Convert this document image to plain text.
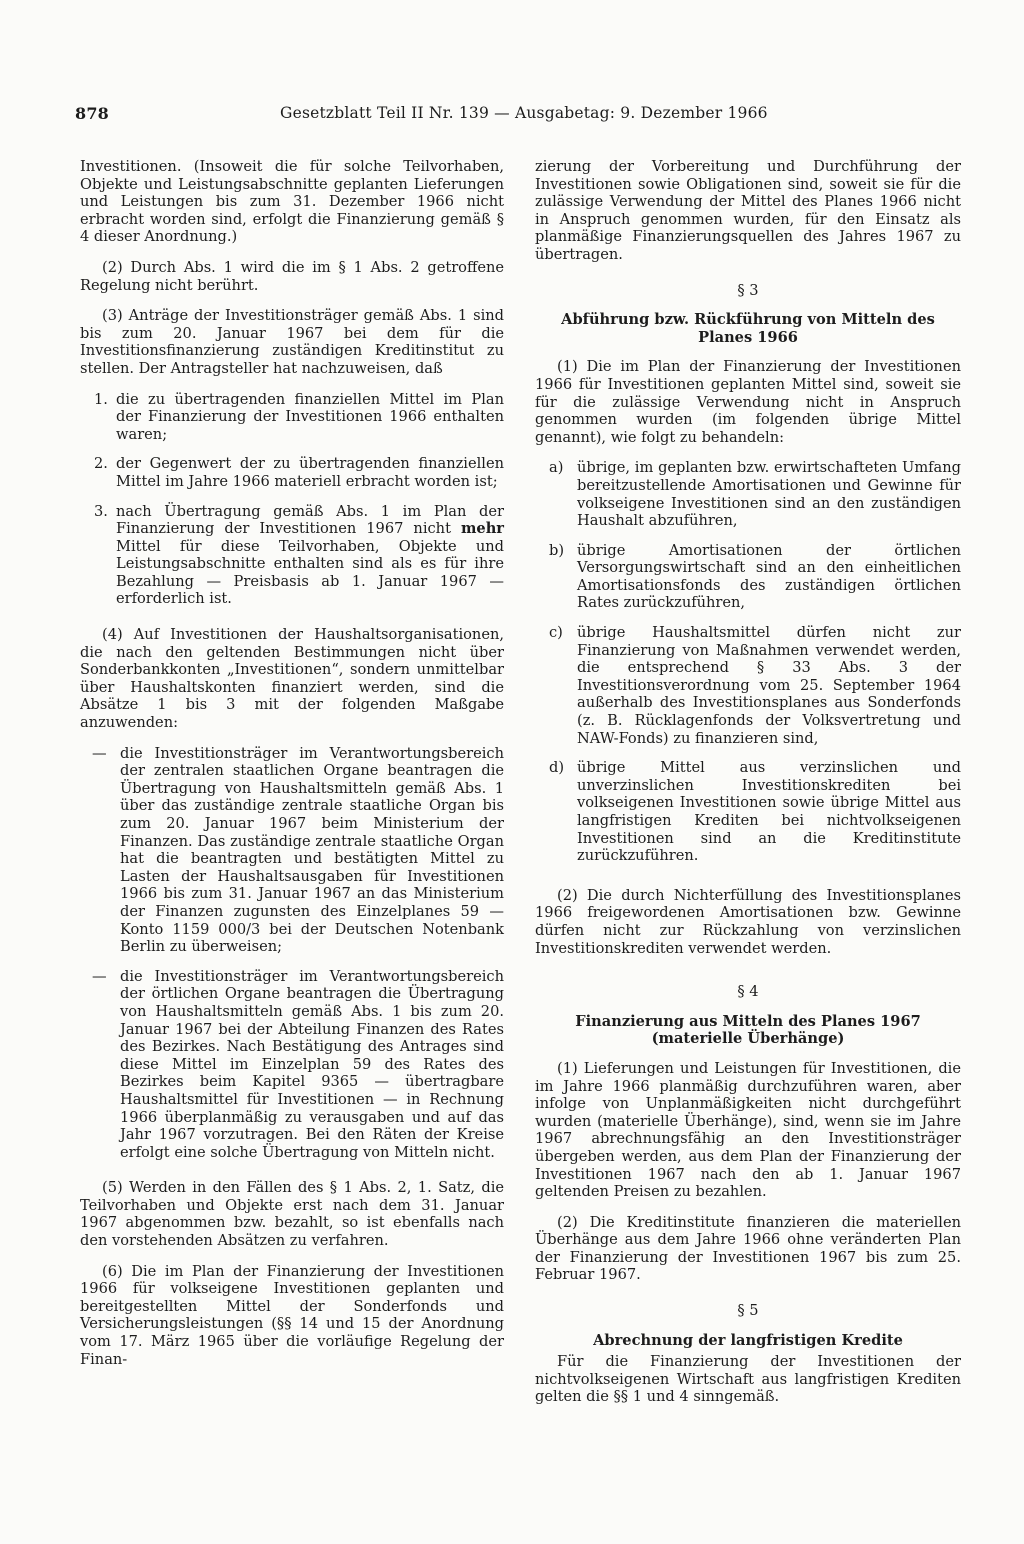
878	Gesetzblatt Teil II Nr. 139 — Ausgabetag: 9. Dezember 1966

Investitionen. (Insoweit die für solche Teilvorhaben, Objekte und Leistungsabschnitte geplanten Lieferungen und Leistungen bis zum 31. Dezember 1966 nicht erbracht worden sind, erfolgt die Finanzierung gemäß § 4 dieser Anordnung.)

(2) Durch Abs. 1 wird die im § 1 Abs. 2 getroffene Regelung nicht berührt.

(3) Anträge der Investitionsträger gemäß Abs. 1 sind bis zum 20. Januar 1967 bei dem für die Investitionsfinanzierung zuständigen Kreditinstitut zu stellen. Der Antragsteller hat nachzuweisen, daß

1. die zu übertragenden finanziellen Mittel im Plan der Finanzierung der Investitionen 1966 enthalten waren;
2. der Gegenwert der zu übertragenden finanziellen Mittel im Jahre 1966 materiell erbracht worden ist;
3. nach Übertragung gemäß Abs. 1 im Plan der Finanzierung der Investitionen 1967 nicht mehr Mittel für diese Teilvorhaben, Objekte und Leistungsabschnitte enthalten sind als es für ihre Bezahlung — Preisbasis ab 1. Januar 1967 — erforderlich ist.

(4) Auf Investitionen der Haushaltsorganisationen, die nach den geltenden Bestimmungen nicht über Sonderbankkonten „Investitionen“, sondern unmittelbar über Haushaltskonten finanziert werden, sind die Absätze 1 bis 3 mit der folgenden Maßgabe anzuwenden:

— die Investitionsträger im Verantwortungsbereich der zentralen staatlichen Organe beantragen die Übertragung von Haushaltsmitteln gemäß Abs. 1 über das zuständige zentrale staatliche Organ bis zum 20. Januar 1967 beim Ministerium der Finanzen. Das zuständige zentrale staatliche Organ hat die beantragten und bestätigten Mittel zu Lasten der Haushaltsausgaben für Investitionen 1966 bis zum 31. Januar 1967 an das Ministerium der Finanzen zugunsten des Einzelplanes 59 — Konto 1159 000/3 bei der Deutschen Notenbank Berlin zu überweisen;
— die Investitionsträger im Verantwortungsbereich der örtlichen Organe beantragen die Übertragung von Haushaltsmitteln gemäß Abs. 1 bis zum 20. Januar 1967 bei der Abteilung Finanzen des Rates des Bezirkes. Nach Bestätigung des Antrages sind diese Mittel im Einzelplan 59 des Rates des Bezirkes beim Kapitel 9365 — übertragbare Haushaltsmittel für Investitionen — in Rechnung 1966 überplanmäßig zu verausgaben und auf das Jahr 1967 vorzutragen. Bei den Räten der Kreise erfolgt eine solche Übertragung von Mitteln nicht.

(5) Werden in den Fällen des § 1 Abs. 2, 1. Satz, die Teilvorhaben und Objekte erst nach dem 31. Januar 1967 abgenommen bzw. bezahlt, so ist ebenfalls nach den vorstehenden Absätzen zu verfahren.

(6) Die im Plan der Finanzierung der Investitionen 1966 für volkseigene Investitionen geplanten und bereitgestellten Mittel der Sonderfonds und Versicherungsleistungen (§§ 14 und 15 der Anordnung vom 17. März 1965 über die vorläufige Regelung der Finan-

zierung der Vorbereitung und Durchführung der Investitionen sowie Obligationen sind, soweit sie für die zulässige Verwendung der Mittel des Planes 1966 nicht in Anspruch genommen wurden, für den Einsatz als planmäßige Finanzierungsquellen des Jahres 1967 zu übertragen.

§ 3
Abführung bzw. Rückführung von Mitteln des Planes 1966

(1) Die im Plan der Finanzierung der Investitionen 1966 für Investitionen geplanten Mittel sind, soweit sie für die zulässige Verwendung nicht in Anspruch genommen wurden (im folgenden übrige Mittel genannt), wie folgt zu behandeln:

a) übrige, im geplanten bzw. erwirtschafteten Umfang bereitzustellende Amortisationen und Gewinne für volkseigene Investitionen sind an den zuständigen Haushalt abzuführen,
b) übrige Amortisationen der örtlichen Versorgungswirtschaft sind an den einheitlichen Amortisationsfonds des zuständigen örtlichen Rates zurückzuführen,
c) übrige Haushaltsmittel dürfen nicht zur Finanzierung von Maßnahmen verwendet werden, die entsprechend § 33 Abs. 3 der Investitionsverordnung vom 25. September 1964 außerhalb des Investitionsplanes aus Sonderfonds (z. B. Rücklagenfonds der Volksvertretung und NAW-Fonds) zu finanzieren sind,
d) übrige Mittel aus verzinslichen und unverzinslichen Investitionskrediten bei volkseigenen Investitionen sowie übrige Mittel aus langfristigen Krediten bei nichtvolkseigenen Investitionen sind an die Kreditinstitute zurückzuführen.

(2) Die durch Nichterfüllung des Investitionsplanes 1966 freigewordenen Amortisationen bzw. Gewinne dürfen nicht zur Rückzahlung von verzinslichen Investitionskrediten verwendet werden.

§ 4
Finanzierung aus Mitteln des Planes 1967 (materielle Überhänge)

(1) Lieferungen und Leistungen für Investitionen, die im Jahre 1966 planmäßig durchzuführen waren, aber infolge von Unplanmäßigkeiten nicht durchgeführt wurden (materielle Überhänge), sind, wenn sie im Jahre 1967 abrechnungsfähig an den Investitionsträger übergeben werden, aus dem Plan der Finanzierung der Investitionen 1967 nach den ab 1. Januar 1967 geltenden Preisen zu bezahlen.

(2) Die Kreditinstitute finanzieren die materiellen Überhänge aus dem Jahre 1966 ohne veränderten Plan der Finanzierung der Investitionen 1967 bis zum 25. Februar 1967.

§ 5
Abrechnung der langfristigen Kredite

Für die Finanzierung der Investitionen der nichtvolkseigenen Wirtschaft aus langfristigen Krediten gelten die §§ 1 und 4 sinngemäß.
